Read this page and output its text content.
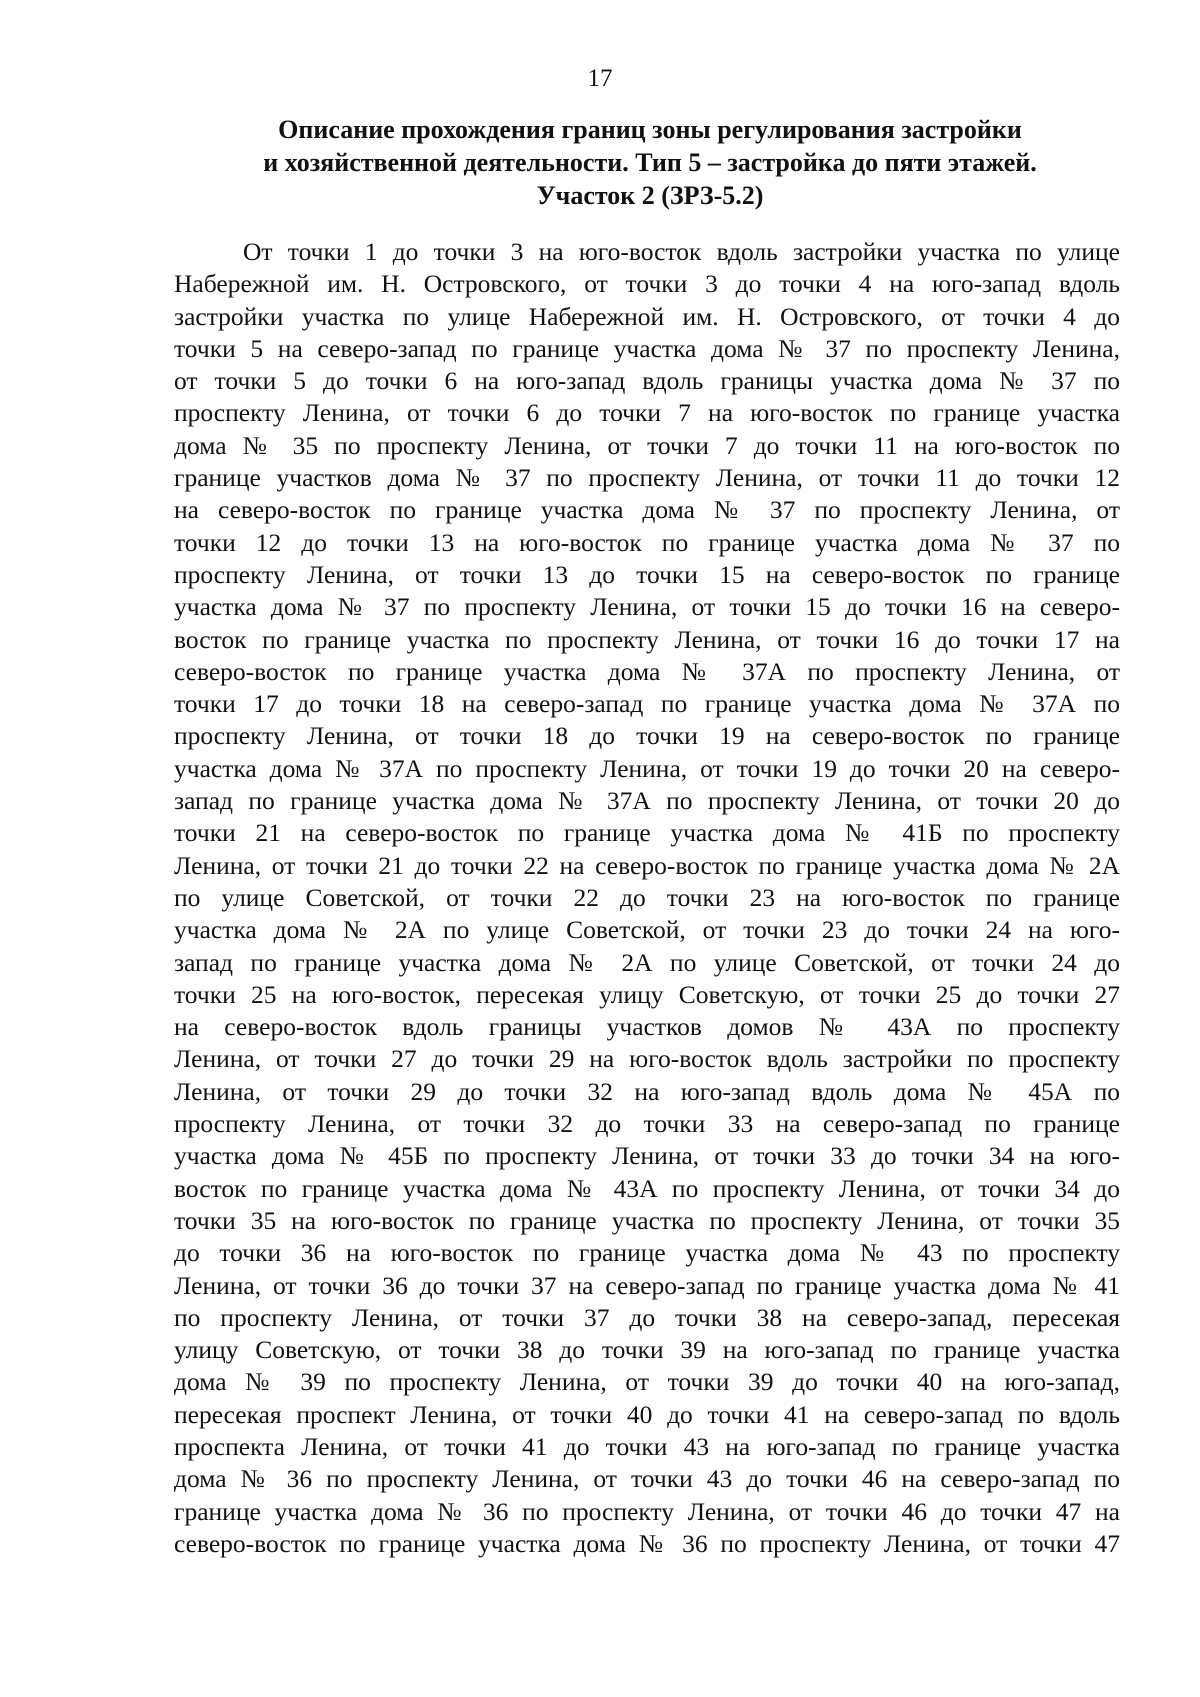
17
Описание прохождения границ зоны регулирования застройки
и хозяйственной деятельности. Тип 5 – застройка до пяти этажей.
Участок 2 (ЗРЗ-5.2)
От точки 1 до точки 3 на юго-восток вдоль застройки участка по улице
Набережной им. Н. Островского, от точки 3 до точки 4 на юго-запад вдоль
застройки участка по улице Набережной им. Н. Островского, от точки 4 до
точки 5 на северо-запад по границе участка дома № 37 по проспекту Ленина,
от точки 5 до точки 6 на юго-запад вдоль границы участка дома № 37 по
проспекту Ленина, от точки 6 до точки 7 на юго-восток по границе участка
дома № 35 по проспекту Ленина, от точки 7 до точки 11 на юго-восток по
границе участков дома № 37 по проспекту Ленина, от точки 11 до точки 12
на северо-восток по границе участка дома № 37 по проспекту Ленина, от
точки 12 до точки 13 на юго-восток по границе участка дома № 37 по
проспекту Ленина, от точки 13 до точки 15 на северо-восток по границе
участка дома № 37 по проспекту Ленина, от точки 15 до точки 16 на северо-
восток по границе участка по проспекту Ленина, от точки 16 до точки 17 на
северо-восток по границе участка дома № 37А по проспекту Ленина, от
точки 17 до точки 18 на северо-запад по границе участка дома № 37А по
проспекту Ленина, от точки 18 до точки 19 на северо-восток по границе
участка дома № 37А по проспекту Ленина, от точки 19 до точки 20 на северо-
запад по границе участка дома № 37А по проспекту Ленина, от точки 20 до
точки 21 на северо-восток по границе участка дома № 41Б по проспекту
Ленина, от точки 21 до точки 22 на северо-восток по границе участка дома № 2А
по улице Советской, от точки 22 до точки 23 на юго-восток по границе
участка дома № 2А по улице Советской, от точки 23 до точки 24 на юго-
запад по границе участка дома № 2А по улице Советской, от точки 24 до
точки 25 на юго-восток, пересекая улицу Советскую, от точки 25 до точки 27
на северо-восток вдоль границы участков домов № 43А по проспекту
Ленина, от точки 27 до точки 29 на юго-восток вдоль застройки по проспекту
Ленина, от точки 29 до точки 32 на юго-запад вдоль дома № 45А по
проспекту Ленина, от точки 32 до точки 33 на северо-запад по границе
участка дома № 45Б по проспекту Ленина, от точки 33 до точки 34 на юго-
восток по границе участка дома № 43А по проспекту Ленина, от точки 34 до
точки 35 на юго-восток по границе участка по проспекту Ленина, от точки 35
до точки 36 на юго-восток по границе участка дома № 43 по проспекту
Ленина, от точки 36 до точки 37 на северо-запад по границе участка дома № 41
по проспекту Ленина, от точки 37 до точки 38 на северо-запад, пересекая
улицу Советскую, от точки 38 до точки 39 на юго-запад по границе участка
дома № 39 по проспекту Ленина, от точки 39 до точки 40 на юго-запад,
пересекая проспект Ленина, от точки 40 до точки 41 на северо-запад по вдоль
проспекта Ленина, от точки 41 до точки 43 на юго-запад по границе участка
дома № 36 по проспекту Ленина, от точки 43 до точки 46 на северо-запад по
границе участка дома № 36 по проспекту Ленина, от точки 46 до точки 47 на
северо-восток по границе участка дома № 36 по проспекту Ленина, от точки 47
